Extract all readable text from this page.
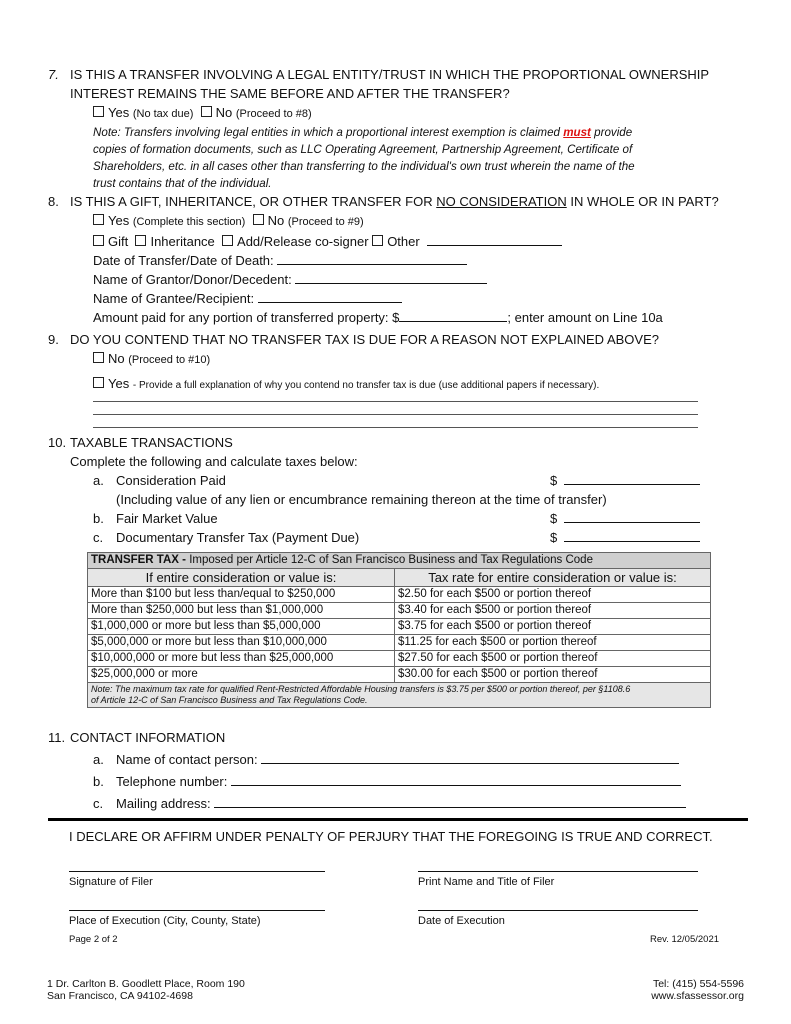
7. IS THIS A TRANSFER INVOLVING A LEGAL ENTITY/TRUST IN WHICH THE PROPORTIONAL OWNERSHIP
INTEREST REMAINS THE SAME BEFORE AND AFTER THE TRANSFER?
Yes
(No tax due)
No
(Proceed to #8)
Note: Transfers involving legal entities in which a proportional interest exemption is claimed must provide
copies of formation documents, such as LLC Operating Agreement, Partnership Agreement, Certificate of
Shareholders, etc. in all cases other than transferring to the individual's own trust wherein the name of the
trust contains that of the individual.
8. IS THIS A GIFT, INHERITANCE, OR OTHER TRANSFER FOR NO CONSIDERATION IN WHOLE OR IN PART?
Yes
(Complete this section)
No
(Proceed to #9)
Gift
Inheritance
Add/Release co-signer
Other

Date of Transfer/Date of Death:

Name of Grantor/Donor/Decedent:

Name of Grantee/Recipient:

Amount paid for any portion of transferred property: $	; enter amount on Line 10a
9. DO YOU CONTEND THAT NO TRANSFER TAX IS DUE FOR A REASON NOT EXPLAINED ABOVE?
No
(Proceed to #10)
Yes
- Provide a full explanation of why you contend no transfer tax is due (use additional papers if necessary).
10. TAXABLE TRANSACTIONS
Complete the following and calculate taxes below:
a. Consideration Paid	$
(Including value of any lien or encumbrance remaining thereon at the time of transfer)
b. Fair Market Value	$
c. Documentary Transfer Tax (Payment Due)	$
TRANSFER TAX - Imposed per Article 12-C of San Francisco Business and Tax Regulations Code	
If entire consideration or value is:	Tax rate for entire consideration or value is:
More than $100 but less than/equal to $250,000	$2.50 for each $500 or portion thereof
More than $250,000 but less than $1,000,000	$3.40 for each $500 or portion thereof
$1,000,000 or more but less than $5,000,000	$3.75 for each $500 or portion thereof
$5,000,000 or more but less than $10,000,000	$11.25 for each $500 or portion thereof
$10,000,000 or more but less than $25,000,000	$27.50 for each $500 or portion thereof
$25,000,000 or more	$30.00 for each $500 or portion thereof
Note: The maximum tax rate for qualified Rent-Restricted Affordable Housing transfers is $3.75 per $500 or portion thereof, per §1108.6
of Article 12-C of San Francisco Business and Tax Regulations Code.	
11. CONTACT INFORMATION
a. Name of contact person:

b. Telephone number:

c. Mailing address:

I DECLARE OR AFFIRM UNDER PENALTY OF PERJURY THAT THE FOREGOING IS TRUE AND CORRECT.
Signature of Filer	Print Name and Title of Filer
Place of Execution (City, County, State)	Date of Execution
Page 2 of 2	Rev. 12/05/2021
1 Dr. Carlton B. Goodlett Place, Room 190
San Francisco, CA 94102-4698
Tel: (415) 554-5596
www.sfassessor.org
